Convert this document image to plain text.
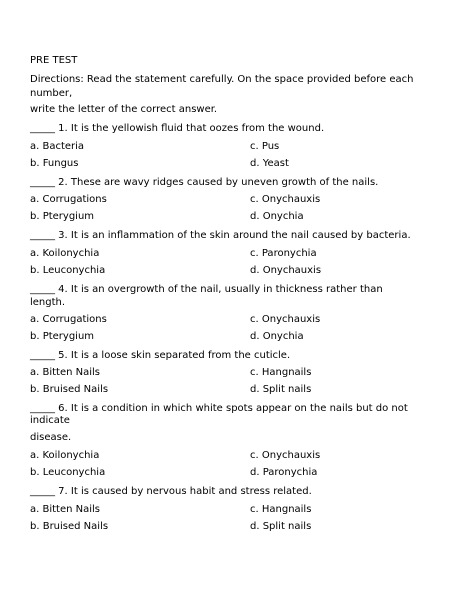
PRE TEST
Directions: Read the statement carefully. On the space provided before each
number,
write the letter of the correct answer.
_____ 1. It is the yellowish fluid that oozes from the wound.
a. Bacteria	c. Pus
b. Fungus	d. Yeast
_____ 2. These are wavy ridges caused by uneven growth of the nails.
a. Corrugations	c. Onychauxis
b. Pterygium	d. Onychia
_____ 3. It is an inflammation of the skin around the nail caused by bacteria.
a. Koilonychia	c. Paronychia
b. Leuconychia	d. Onychauxis
_____ 4. It is an overgrowth of the nail, usually in thickness rather than
length.
a. Corrugations	c. Onychauxis
b. Pterygium	d. Onychia
_____ 5. It is a loose skin separated from the cuticle.
a. Bitten Nails	c. Hangnails
b. Bruised Nails	d. Split nails
_____ 6. It is a condition in which white spots appear on the nails but do not
indicate
disease.
a. Koilonychia	c. Onychauxis
b. Leuconychia	d. Paronychia
_____ 7. It is caused by nervous habit and stress related.
a. Bitten Nails	c. Hangnails
b. Bruised Nails	d. Split nails
